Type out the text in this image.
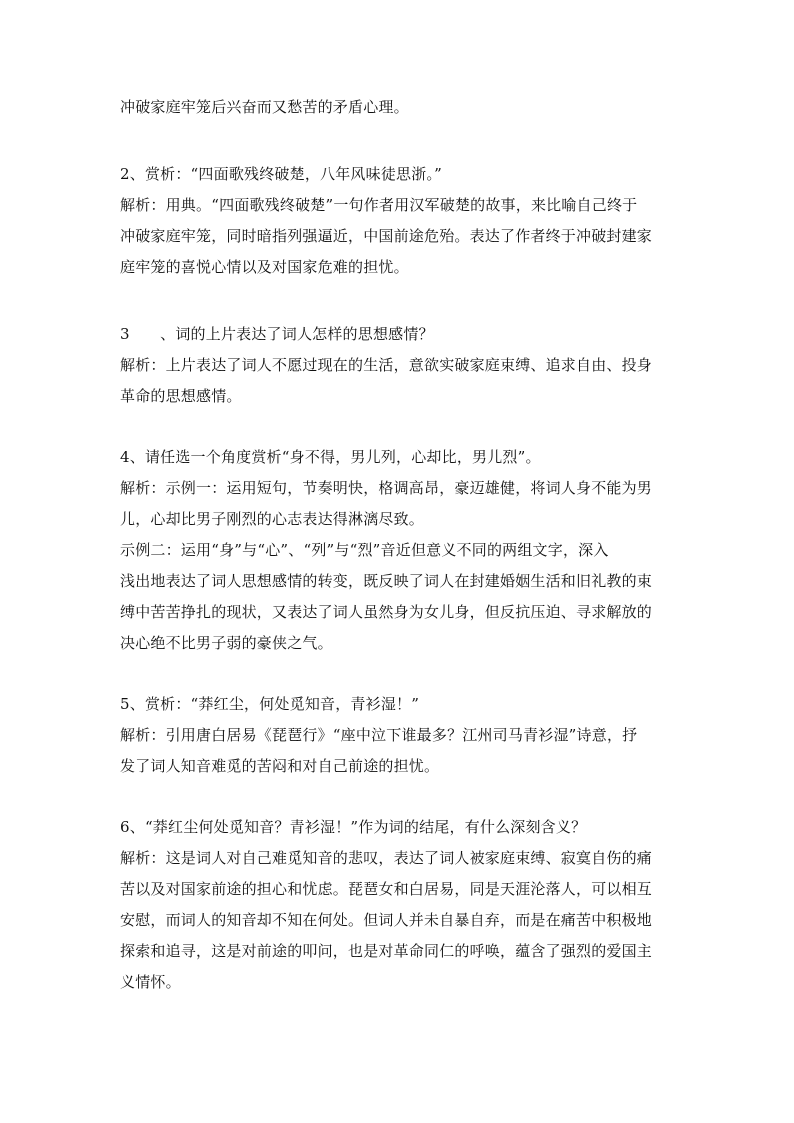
冲破家庭牢笼后兴奋而又愁苦的矛盾心理。
2、赏析：“四面歌残终破楚，八年风味徒思浙。”
解析：用典。“四面歌残终破楚”一句作者用汉军破楚的故事，来比喻自己终于
冲破家庭牢笼，同时暗指列强逼近，中国前途危殆。表达了作者终于冲破封建家
庭牢笼的喜悦心情以及对国家危难的担忧。
3　　、词的上片表达了词人怎样的思想感情？
解析：上片表达了词人不愿过现在的生活，意欲实破家庭束缚、追求自由、投身
革命的思想感情。
4、请任选一个角度赏析“身不得，男儿列，心却比，男儿烈”。
解析：示例一：运用短句，节奏明快，格调高昂，豪迈雄健，将词人身不能为男
儿，心却比男子刚烈的心志表达得淋漓尽致。
示例二：运用“身”与“心”、“列”与“烈”音近但意义不同的两组文字，深入
浅出地表达了词人思想感情的转变，既反映了词人在封建婚姻生活和旧礼教的束
缚中苦苦挣扎的现状，又表达了词人虽然身为女儿身，但反抗压迫、寻求解放的
决心绝不比男子弱的豪侠之气。
5、赏析：“莽红尘，何处觅知音，青衫湿！”
解析：引用唐白居易《琵琶行》“座中泣下谁最多？江州司马青衫湿”诗意，抒
发了词人知音难觅的苦闷和对自己前途的担忧。
6、“莽红尘何处觅知音？青衫湿！”作为词的结尾，有什么深刻含义？
解析：这是词人对自己难觅知音的悲叹，表达了词人被家庭束缚、寂寞自伤的痛
苦以及对国家前途的担心和忧虑。琵琶女和白居易，同是天涯沦落人，可以相互
安慰，而词人的知音却不知在何处。但词人并未自暴自弃，而是在痛苦中积极地
探索和追寻，这是对前途的叩问，也是对革命同仁的呼唤，蕴含了强烈的爱国主
义情怀。
